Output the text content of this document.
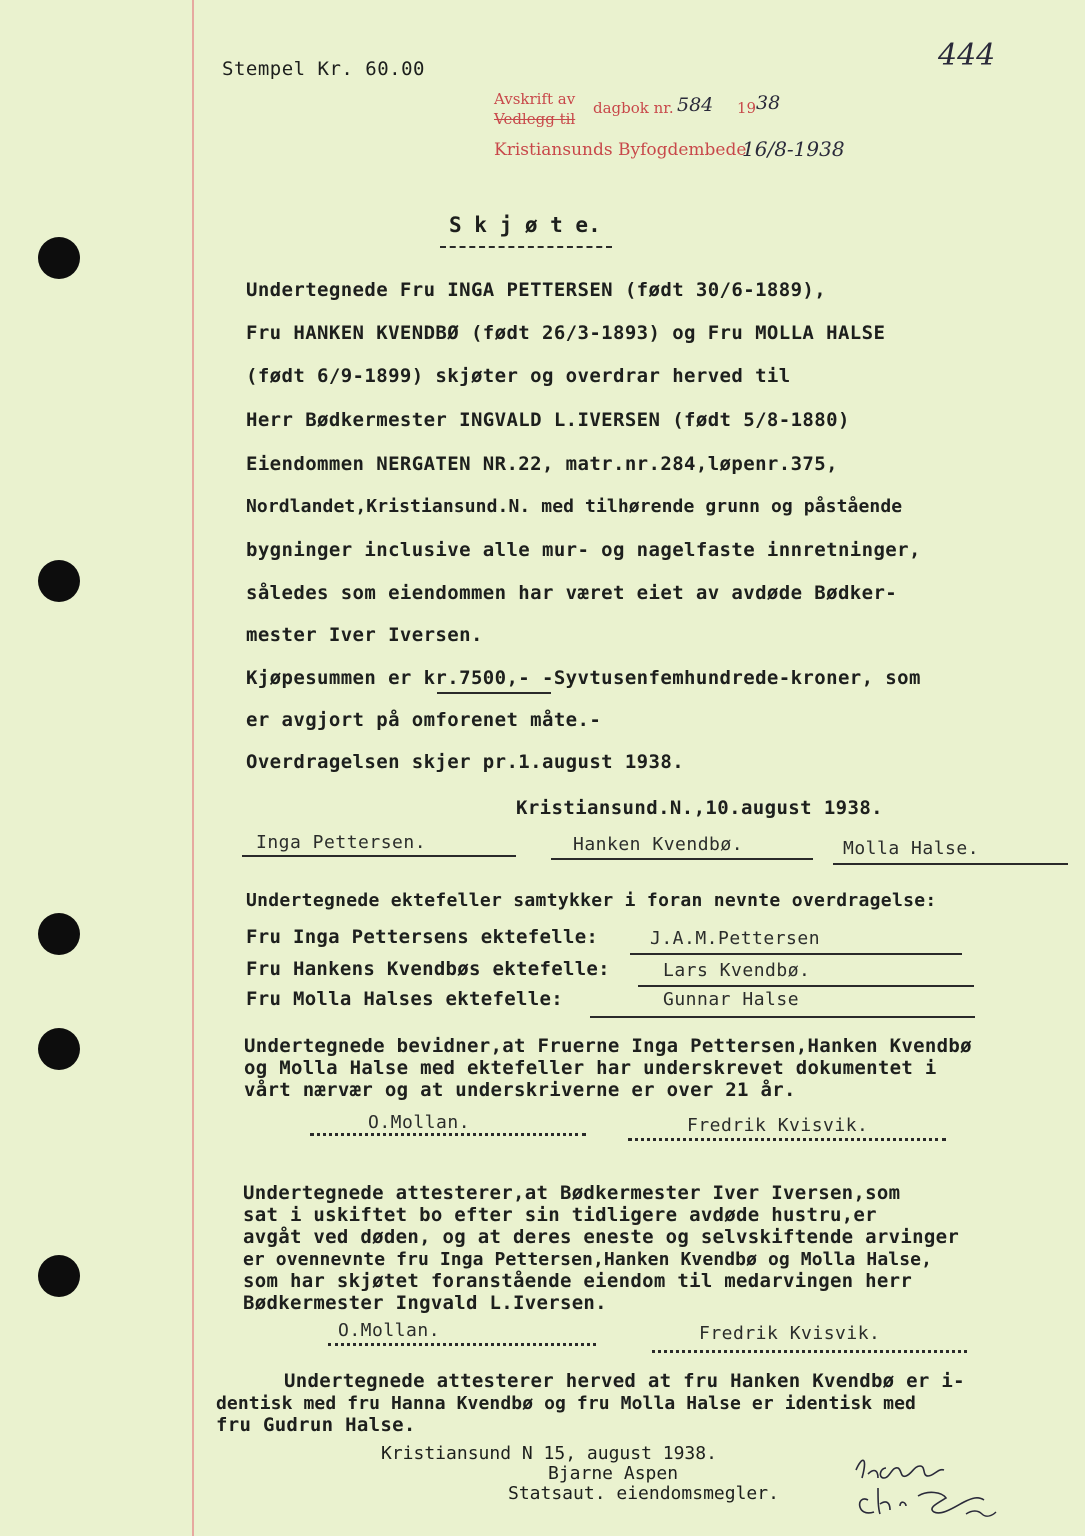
Stempel Kr. 60.00	444
Avskrift av
Vedlegg til
dagbok nr. 584 19 38
Kristiansunds Byfogdembede
16/8-1938
S k j ø t e.
Undertegnede Fru INGA PETTERSEN (født 30/6-1889),
Fru HANKEN KVENDBØ (født 26/3-1893) og Fru MOLLA HALSE
(født 6/9-1899) skjøter og overdrar herved til
Herr Bødkermester INGVALD L.IVERSEN (født 5/8-1880)
Eiendommen NERGATEN NR.22, matr.nr.284,løpenr.375,
Nordlandet,Kristiansund.N. med tilhørende grunn og påstående
bygninger inclusive alle mur- og nagelfaste innretninger,
således som eiendommen har været eiet av avdøde Bødker-
mester Iver Iversen.
Kjøpesummen er kr.7500,- -Syvtusenfemhundrede-kroner, som
er avgjort på omforenet måte.-
Overdragelsen skjer pr.1.august 1938.
Kristiansund.N.,10.august 1938.
Inga Pettersen.	Hanken Kvendbø.	Molla Halse.
Undertegnede ektefeller samtykker i foran nevnte overdragelse:
Fru Inga Pettersens ektefelle:	J.A.M.Pettersen
Fru Hankens Kvendbøs ektefelle:	Lars Kvendbø.
Fru Molla Halses ektefelle:	Gunnar Halse
Undertegnede bevidner,at Fruerne Inga Pettersen,Hanken Kvendbø
og Molla Halse med ektefeller har underskrevet dokumentet i
vårt nærvær og at underskriverne er over 21 år.
O.Mollan.	Fredrik Kvisvik.
Undertegnede attesterer,at Bødkermester Iver Iversen,som
sat i uskiftet bo efter sin tidligere avdøde hustru,er
avgåt ved døden, og at deres eneste og selvskiftende arvinger
er ovennevnte fru Inga Pettersen,Hanken Kvendbø og Molla Halse,
som har skjøtet foranstående eiendom til medarvingen herr
Bødkermester Ingvald L.Iversen.
O.Mollan.	Fredrik Kvisvik.
Undertegnede attesterer herved at fru Hanken Kvendbø er i-
dentisk med fru Hanna Kvendbø og fru Molla Halse er identisk med
fru Gudrun Halse.
Kristiansund N 15, august 1938.
Bjarne Aspen
Statsaut. eiendomsmegler.
